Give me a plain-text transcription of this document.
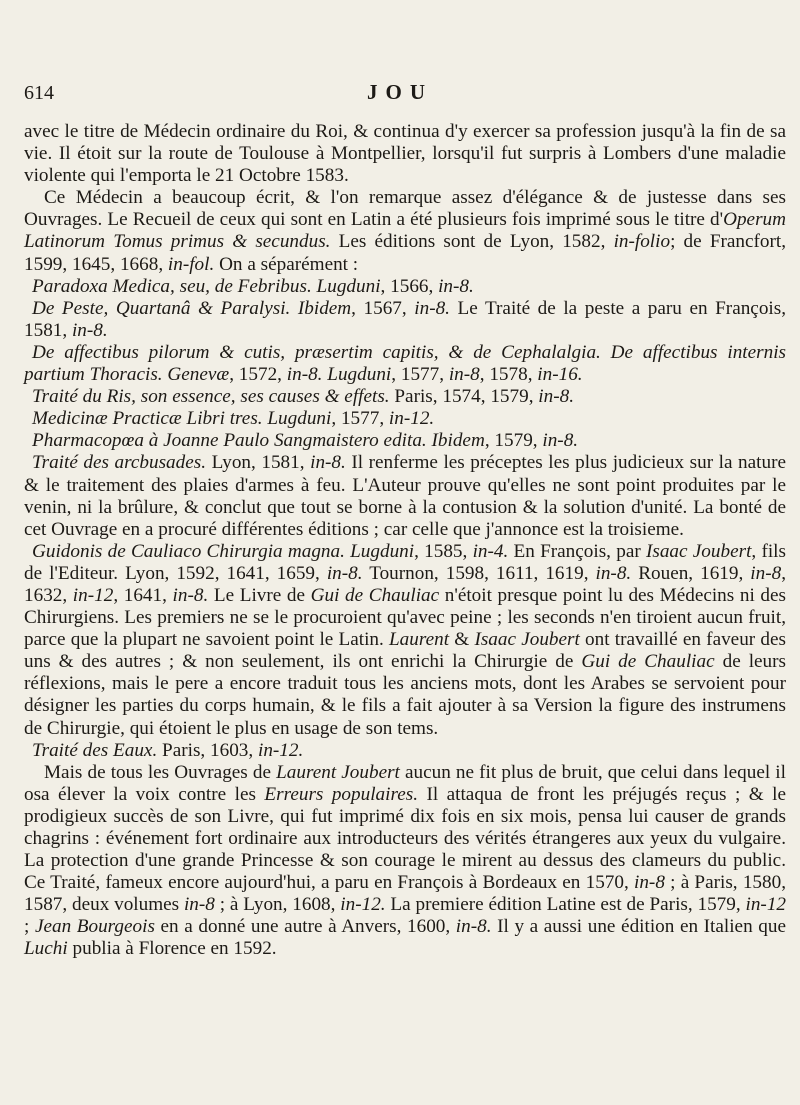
614	JOU

avec le titre de Médecin ordinaire du Roi, & continua d'y exercer sa profession jusqu'à la fin de sa vie. Il étoit sur la route de Toulouse à Montpellier, lorsqu'il fut surpris à Lombers d'une maladie violente qui l'emporta le 21 Octobre 1583.

Ce Médecin a beaucoup écrit, & l'on remarque assez d'élégance & de justesse dans ses Ouvrages. Le Recueil de ceux qui sont en Latin a été plusieurs fois imprimé sous le titre d'Operum Latinorum Tomus primus & secundus. Les éditions sont de Lyon, 1582, in-folio; de Francfort, 1599, 1645, 1668, in-fol. On a séparément :

Paradoxa Medica, seu, de Febribus. Lugduni, 1566, in-8.

De Peste, Quartanâ & Paralysi. Ibidem, 1567, in-8. Le Traité de la peste a paru en François, 1581, in-8.

De affectibus pilorum & cutis, præsertim capitis, & de Cephalalgia. De affectibus internis partium Thoracis. Genevæ, 1572, in-8. Lugduni, 1577, in-8, 1578, in-16.

Traité du Ris, son essence, ses causes & effets. Paris, 1574, 1579, in-8.

Medicinæ Practicæ Libri tres. Lugduni, 1577, in-12.

Pharmacopœa à Joanne Paulo Sangmaistero edita. Ibidem, 1579, in-8.

Traité des arcbusades. Lyon, 1581, in-8. Il renferme les préceptes les plus judicieux sur la nature & le traitement des plaies d'armes à feu. L'Auteur prouve qu'elles ne sont point produites par le venin, ni la brûlure, & conclut que tout se borne à la contusion & la solution d'unité. La bonté de cet Ouvrage en a procuré différentes éditions ; car celle que j'annonce est la troisieme.

Guidonis de Cauliaco Chirurgia magna. Lugduni, 1585, in-4. En François, par Isaac Joubert, fils de l'Editeur. Lyon, 1592, 1641, 1659, in-8. Tournon, 1598, 1611, 1619, in-8. Rouen, 1619, in-8, 1632, in-12, 1641, in-8. Le Livre de Gui de Chauliac n'étoit presque point lu des Médecins ni des Chirurgiens. Les premiers ne se le procuroient qu'avec peine ; les seconds n'en tiroient aucun fruit, parce que la plupart ne savoient point le Latin. Laurent & Isaac Joubert ont travaillé en faveur des uns & des autres ; & non seulement, ils ont enrichi la Chirurgie de Gui de Chauliac de leurs réflexions, mais le pere a encore traduit tous les anciens mots, dont les Arabes se servoient pour désigner les parties du corps humain, & le fils a fait ajouter à sa Version la figure des instrumens de Chirurgie, qui étoient le plus en usage de son tems.

Traité des Eaux. Paris, 1603, in-12.

Mais de tous les Ouvrages de Laurent Joubert aucun ne fit plus de bruit, que celui dans lequel il osa élever la voix contre les Erreurs populaires. Il attaqua de front les préjugés reçus ; & le prodigieux succès de son Livre, qui fut imprimé dix fois en six mois, pensa lui causer de grands chagrins : événement fort ordinaire aux introducteurs des vérités étrangeres aux yeux du vulgaire. La protection d'une grande Princesse & son courage le mirent au dessus des clameurs du public. Ce Traité, fameux encore aujourd'hui, a paru en François à Bordeaux en 1570, in-8 ; à Paris, 1580, 1587, deux volumes in-8 ; à Lyon, 1608, in-12. La premiere édition Latine est de Paris, 1579, in-12 ; Jean Bourgeois en a donné une autre à Anvers, 1600, in-8. Il y a aussi une édition en Italien que Luchi publia à Florence en 1592.
